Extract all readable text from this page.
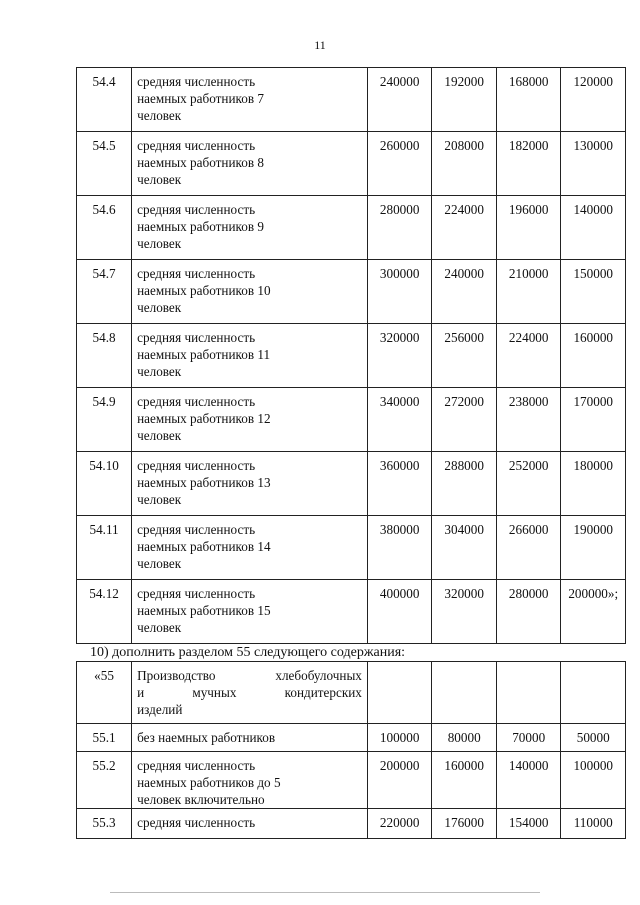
11
54.4	средняя численность
наемных работников 7
человек	240000	192000	168000	120000
54.5	средняя численность
наемных работников 8
человек	260000	208000	182000	130000
54.6	средняя численность
наемных работников 9
человек	280000	224000	196000	140000
54.7	средняя численность
наемных работников 10
человек	300000	240000	210000	150000
54.8	средняя численность
наемных работников 11
человек	320000	256000	224000	160000
54.9	средняя численность
наемных работников 12
человек	340000	272000	238000	170000
54.10	средняя численность
наемных работников 13
человек	360000	288000	252000	180000
54.11	средняя численность
наемных работников 14
человек	380000	304000	266000	190000
54.12	средняя численность
наемных работников 15
человек	400000	320000	280000	200000»;
10) дополнить разделом 55 следующего содержания:
«55	Производство хлебобулочных
и мучных кондитерских
изделий				

55.1	без наемных работников	100000	80000	70000	50000
55.2	средняя численность
наемных работников до 5
человек включительно	200000	160000	140000	100000
55.3	средняя численность	220000	176000	154000	110000
